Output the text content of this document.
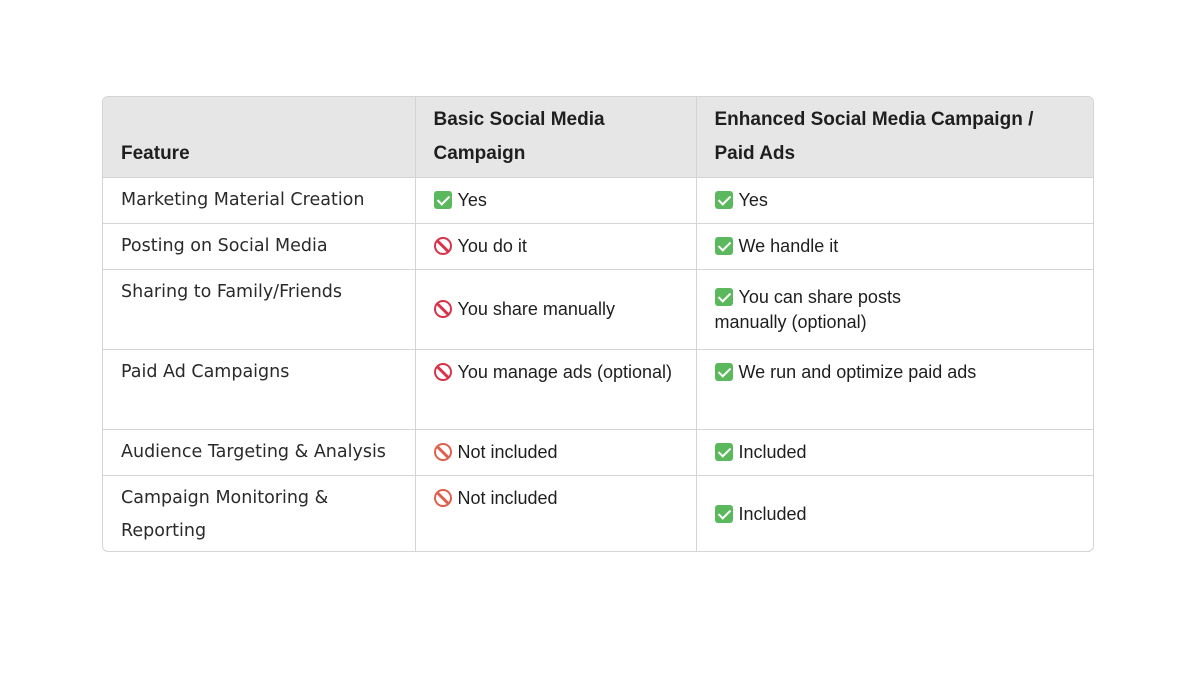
Feature	Basic Social Media Campaign	Enhanced Social Media Campaign / Paid Ads
Marketing Material Creation	Yes	Yes
Posting on Social Media	You do it	We handle it
Sharing to Family/Friends	You share manually	You can share posts manually (optional)
Paid Ad Campaigns	You manage ads (optional)	We run and optimize paid ads
Audience Targeting & Analysis	Not included	Included
Campaign Monitoring & Reporting	Not included	Included
